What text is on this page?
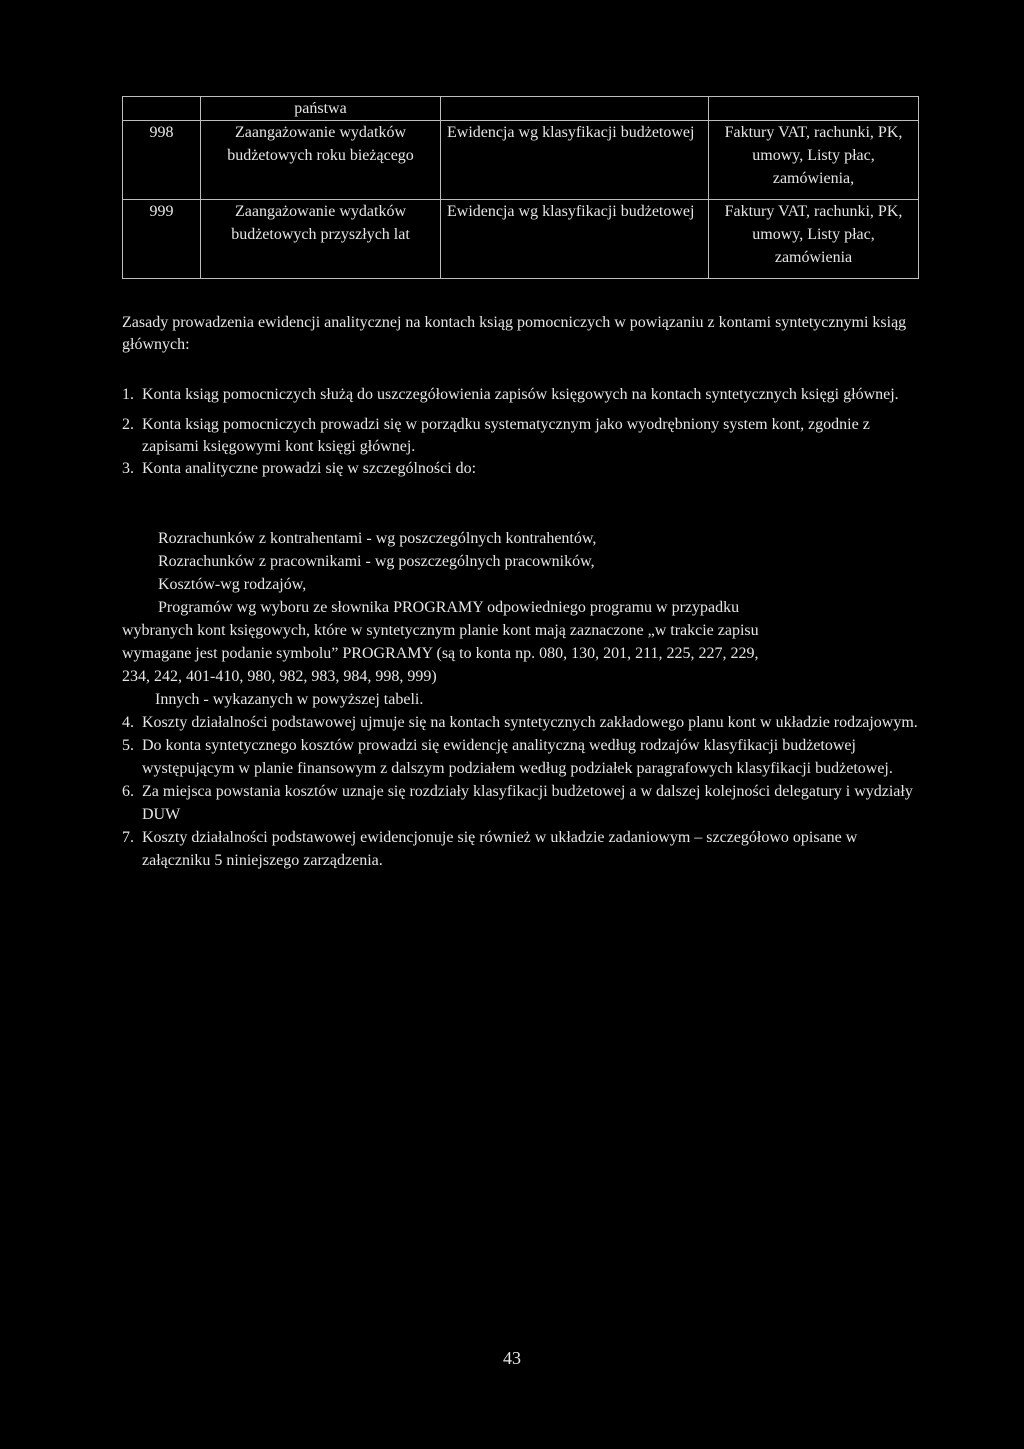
	państwa		
998	Zaangażowanie wydatków budżetowych roku bieżącego	Ewidencja wg klasyfikacji budżetowej	Faktury VAT, rachunki, PK, umowy, Listy płac, zamówienia,
999	Zaangażowanie wydatków budżetowych przyszłych lat	Ewidencja wg klasyfikacji budżetowej	Faktury VAT, rachunki, PK, umowy, Listy płac, zamówienia

Zasady prowadzenia ewidencji analitycznej na kontach ksiąg pomocniczych w powiązaniu z kontami syntetycznymi ksiąg głównych:

1. Konta ksiąg pomocniczych służą do uszczegółowienia zapisów księgowych na kontach syntetycznych księgi głównej.
2. Konta ksiąg pomocniczych prowadzi się w porządku systematycznym jako wyodrębniony system kont, zgodnie z zapisami księgowymi kont księgi głównej.
3. Konta analityczne prowadzi się w szczególności do:

Rozrachunków z kontrahentami - wg poszczególnych kontrahentów,

Rozrachunków z pracownikami - wg poszczególnych pracowników,

Kosztów-wg rodzajów,

Programów wg wyboru ze słownika PROGRAMY odpowiedniego programu w przypadku

wybranych kont księgowych, które w syntetycznym planie kont mają zaznaczone „w trakcie zapisu

wymagane jest podanie symbolu” PROGRAMY (są to konta np. 080, 130, 201, 211, 225, 227, 229,

234, 242, 401-410, 980, 982, 983, 984, 998, 999)

Innych - wykazanych w powyższej tabeli.

4. Koszty działalności podstawowej ujmuje się na kontach syntetycznych zakładowego planu kont w układzie rodzajowym.
5. Do konta syntetycznego kosztów prowadzi się ewidencję analityczną według rodzajów klasyfikacji budżetowej występującym w planie finansowym z dalszym podziałem według podziałek paragrafowych klasyfikacji budżetowej.
6. Za miejsca powstania kosztów uznaje się rozdziały klasyfikacji budżetowej a w dalszej kolejności delegatury i wydziały DUW
7. Koszty działalności podstawowej ewidencjonuje się również w układzie zadaniowym – szczegółowo opisane w załączniku 5 niniejszego zarządzenia.
43
